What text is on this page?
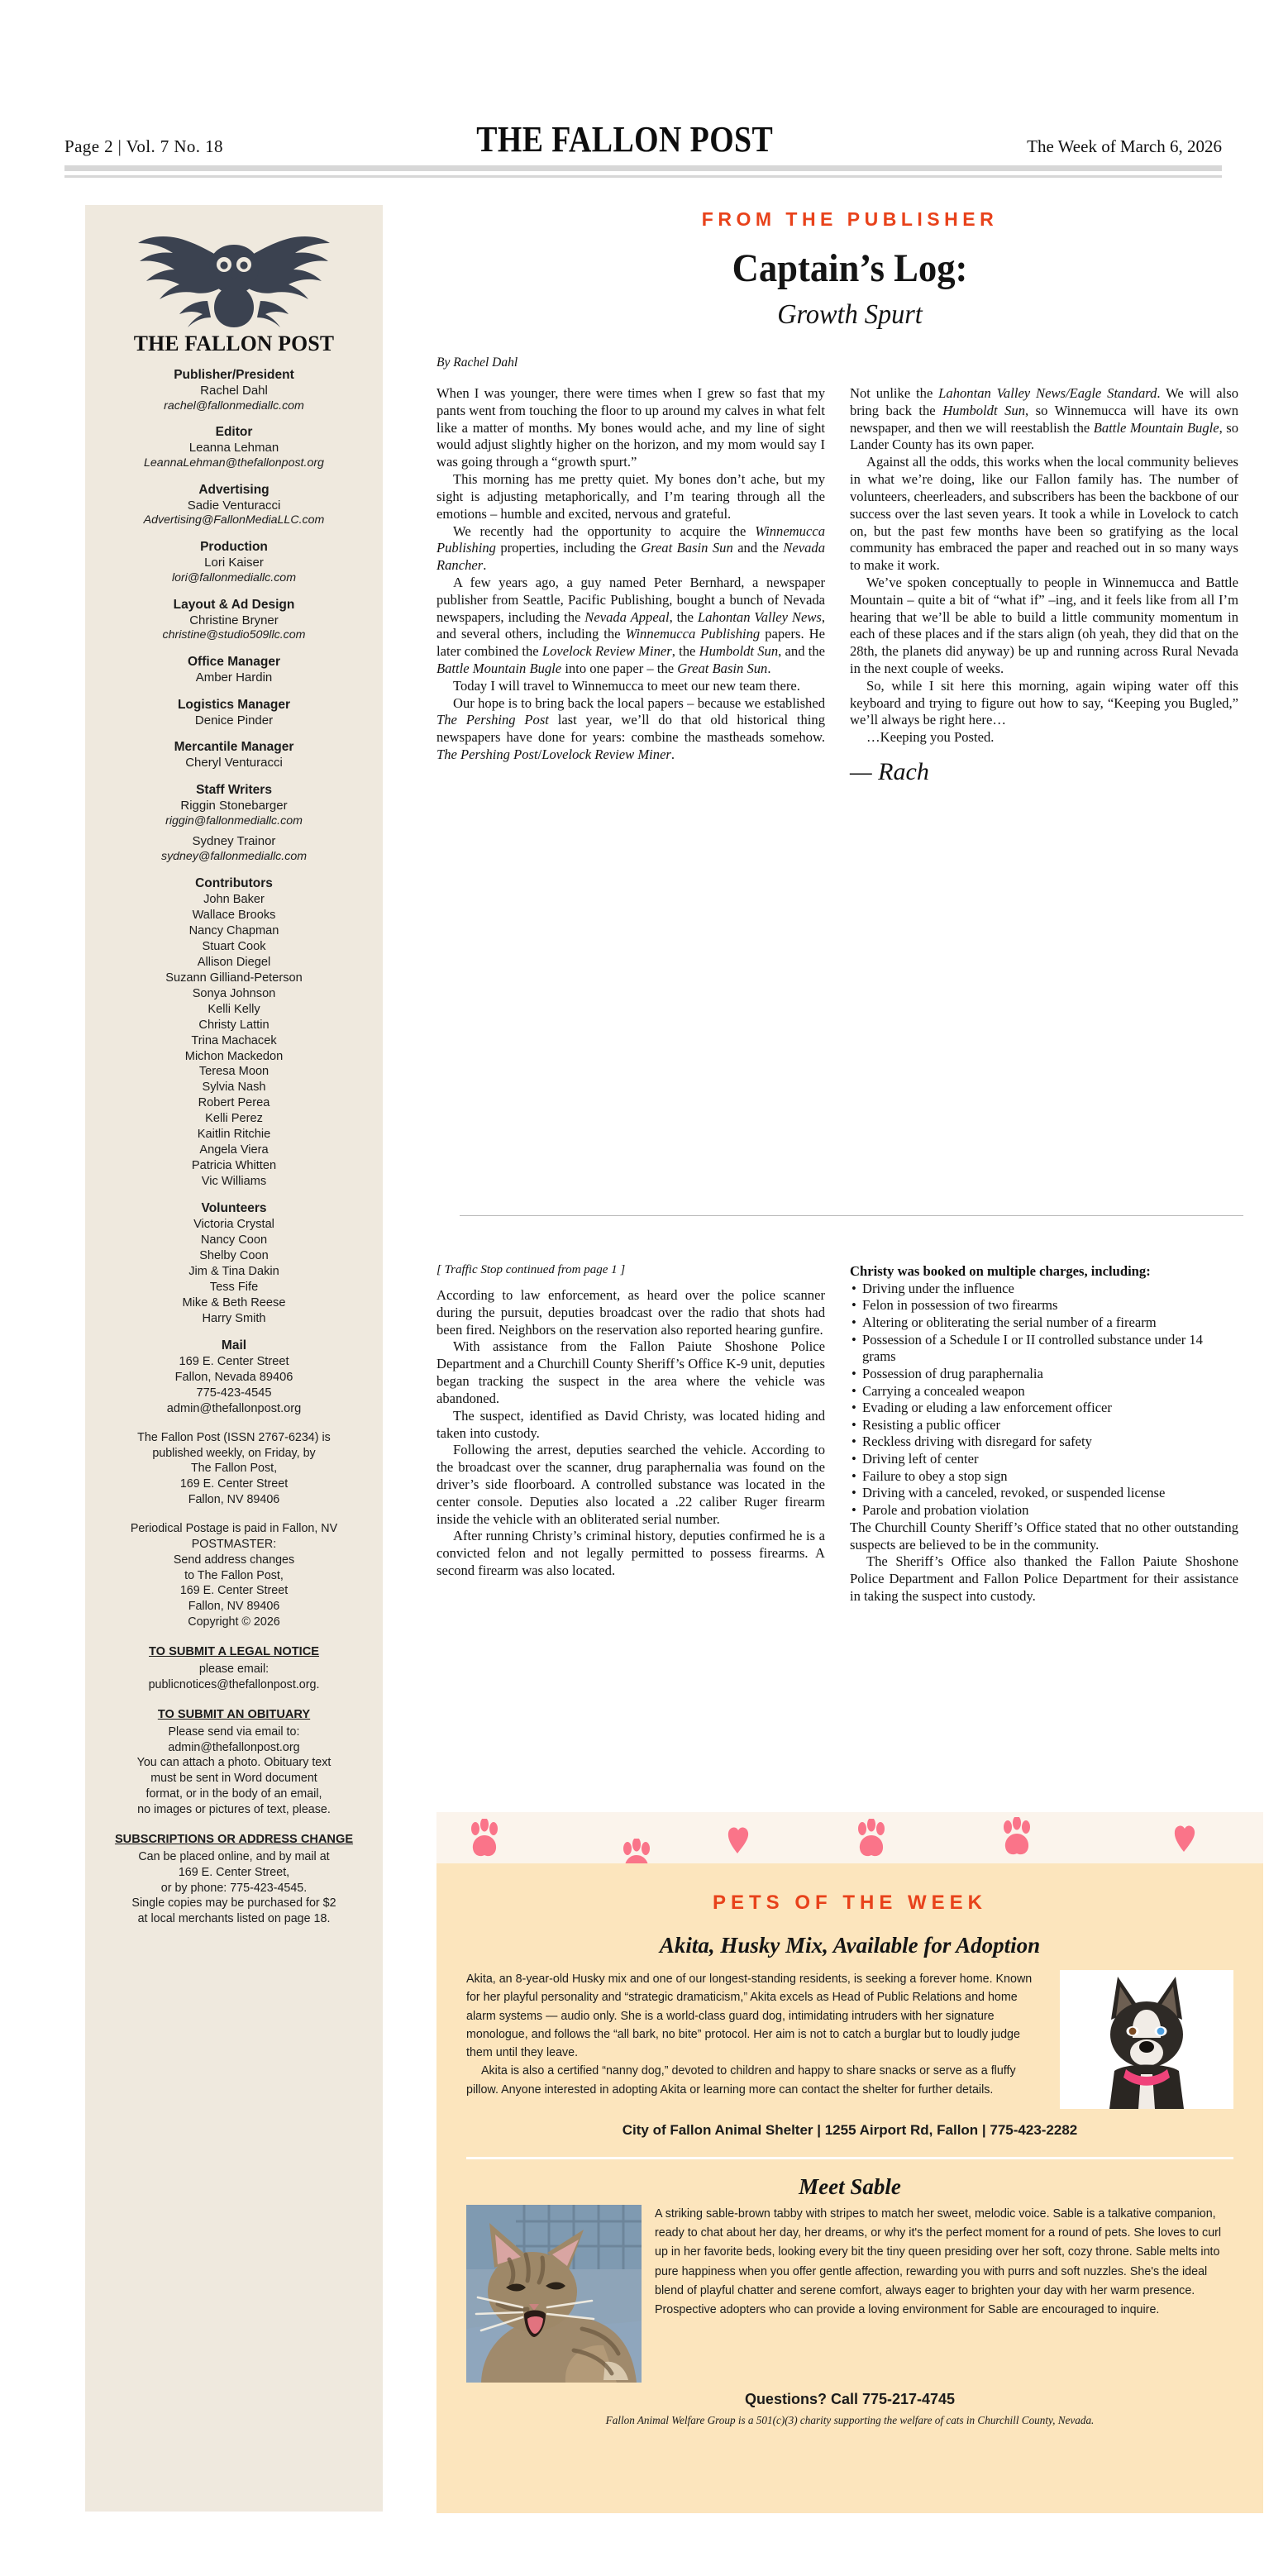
Page 2 | Vol. 7 No. 18	THE FALLON POST	The Week of March 6, 2026
THE FALLON POST
Publisher/President
Rachel Dahl
rachel@fallonmediallc.com
Editor
Leanna Lehman
LeannaLehman@thefallonpost.org
Advertising
Sadie Venturacci
Advertising@FallonMediaLLC.com
Production
Lori Kaiser
lori@fallonmediallc.com
Layout & Ad Design
Christine Bryner
christine@studio509llc.com
Office Manager
Amber Hardin
Logistics Manager
Denice Pinder
Mercantile Manager
Cheryl Venturacci
Staff Writers
Riggin Stonebarger
riggin@fallonmediallc.com
Sydney Trainor
sydney@fallonmediallc.com
Contributors
John Baker
Wallace Brooks
Nancy Chapman
Stuart Cook
Allison Diegel
Suzann Gilliand-Peterson
Sonya Johnson
Kelli Kelly
Christy Lattin
Trina Machacek
Michon Mackedon
Teresa Moon
Sylvia Nash
Robert Perea
Kelli Perez
Kaitlin Ritchie
Angela Viera
Patricia Whitten
Vic Williams
Volunteers
Victoria Crystal
Nancy Coon
Shelby Coon
Jim & Tina Dakin
Tess Fife
Mike & Beth Reese
Harry Smith
Mail
169 E. Center Street
Fallon, Nevada 89406
775-423-4545
admin@thefallonpost.org
The Fallon Post (ISSN 2767-6234) is
published weekly, on Friday, by
The Fallon Post,
169 E. Center Street
Fallon, NV 89406
Periodical Postage is paid in Fallon, NV
POSTMASTER:
Send address changes
to The Fallon Post,
169 E. Center Street
Fallon, NV 89406
Copyright © 2026
TO SUBMIT A LEGAL NOTICE
please email:
publicnotices@thefallonpost.org.
TO SUBMIT AN OBITUARY
Please send via email to:
admin@thefallonpost.org
You can attach a photo. Obituary text
must be sent in Word document
format, or in the body of an email,
no images or pictures of text, please.
SUBSCRIPTIONS OR ADDRESS CHANGE
Can be placed online, and by mail at
169 E. Center Street,
or by phone: 775-423-4545.
Single copies may be purchased for $2
at local merchants listed on page 18.
FROM THE PUBLISHER
Captain’s Log:
Growth Spurt
By Rachel Dahl

When I was younger, there were times when I grew so fast that my pants went from touching the floor to up around my calves in what felt like a matter of months. My bones would ache, and my line of sight would adjust slightly higher on the horizon, and my mom would say I was going through a “growth spurt.”

This morning has me pretty quiet. My bones don’t ache, but my sight is adjusting metaphorically, and I’m tearing through all the emotions – humble and excited, nervous and grateful.

We recently had the opportunity to acquire the Winnemucca Publishing properties, including the Great Basin Sun and the Nevada Rancher.

A few years ago, a guy named Peter Bernhard, a newspaper publisher from Seattle, Pacific Publishing, bought a bunch of Nevada newspapers, including the Nevada Appeal, the Lahontan Valley News, and several others, including the Winnemucca Publishing papers. He later combined the Lovelock Review Miner, the Humboldt Sun, and the Battle Mountain Bugle into one paper – the Great Basin Sun.

Today I will travel to Winnemucca to meet our new team there.

Our hope is to bring back the local papers – because we established The Pershing Post last year, we’ll do that old historical thing newspapers have done for years: combine the mastheads somehow. The Pershing Post/Lovelock Review Miner.

Not unlike the Lahontan Valley News/Eagle Standard. We will also bring back the Humboldt Sun, so Winnemucca will have its own newspaper, and then we will reestablish the Battle Mountain Bugle, so Lander County has its own paper.

Against all the odds, this works when the local community believes in what we’re doing, like our Fallon family has. The number of volunteers, cheerleaders, and subscribers has been the backbone of our success over the last seven years. It took a while in Lovelock to catch on, but the past few months have been so gratifying as the local community has embraced the paper and reached out in so many ways to make it work.

We’ve spoken conceptually to people in Winnemucca and Battle Mountain – quite a bit of “what if” –ing, and it feels like from all I’m hearing that we’ll be able to build a little community momentum in each of these places and if the stars align (oh yeah, they did that on the 28th, the planets did anyway) be up and running across Rural Nevada in the next couple of weeks.

So, while I sit here this morning, again wiping water off this keyboard and trying to figure out how to say, “Keeping you Bugled,” we’ll always be right here…

…Keeping you Posted.

— Rach
[ Traffic Stop continued from page 1 ]

According to law enforcement, as heard over the police scanner during the pursuit, deputies broadcast over the radio that shots had been fired. Neighbors on the reservation also reported hearing gunfire.

With assistance from the Fallon Paiute Shoshone Police Department and a Churchill County Sheriff’s Office K-9 unit, deputies began tracking the suspect in the area where the vehicle was abandoned.

The suspect, identified as David Christy, was located hiding and taken into custody.

Following the arrest, deputies searched the vehicle. According to the broadcast over the scanner, drug paraphernalia was found on the driver’s side floorboard. A controlled substance was located in the center console. Deputies also located a .22 caliber Ruger firearm inside the vehicle with an obliterated serial number.

After running Christy’s criminal history, deputies confirmed he is a convicted felon and not legally permitted to possess firearms. A second firearm was also located.

Christy was booked on multiple charges, including:
• Driving under the influence
• Felon in possession of two firearms
• Altering or obliterating the serial number of a firearm
• Possession of a Schedule I or II controlled substance under 14 grams
• Possession of drug paraphernalia
• Carrying a concealed weapon
• Evading or eluding a law enforcement officer
• Resisting a public officer
• Reckless driving with disregard for safety
• Driving left of center
• Failure to obey a stop sign
• Driving with a canceled, revoked, or suspended license
• Parole and probation violation

The Churchill County Sheriff’s Office stated that no other outstanding suspects are believed to be in the community.

The Sheriff’s Office also thanked the Fallon Paiute Shoshone Police Department and Fallon Police Department for their assistance in taking the suspect into custody.

PETS OF THE WEEK
Akita, Husky Mix, Available for Adoption

Akita, an 8-year-old Husky mix and one of our longest-standing residents, is seeking a forever home. Known for her playful personality and “strategic dramaticism,” Akita excels as Head of Public Relations and home alarm systems — audio only. She is a world-class guard dog, intimidating intruders with her signature monologue, and follows the “all bark, no bite” protocol. Her aim is not to catch a burglar but to loudly judge them until they leave.

Akita is also a certified “nanny dog,” devoted to children and happy to share snacks or serve as a fluffy pillow. Anyone interested in adopting Akita or learning more can contact the shelter for further details.

City of Fallon Animal Shelter | 1255 Airport Rd, Fallon | 775-423-2282
Meet Sable
A striking sable-brown tabby with stripes to match her sweet, melodic voice. Sable is a talkative companion, ready to chat about her day, her dreams, or why it's the perfect moment for a round of pets. She loves to curl up in her favorite beds, looking every bit the tiny queen presiding over her soft, cozy throne. Sable melts into pure happiness when you offer gentle affection, rewarding you with purrs and soft nuzzles. She's the ideal blend of playful chatter and serene comfort, always eager to brighten your day with her warm presence. Prospective adopters who can provide a loving environment for Sable are encouraged to inquire.
Questions? Call 775-217-4745
Fallon Animal Welfare Group is a 501(c)(3) charity supporting the welfare of cats in Churchill County, Nevada.
